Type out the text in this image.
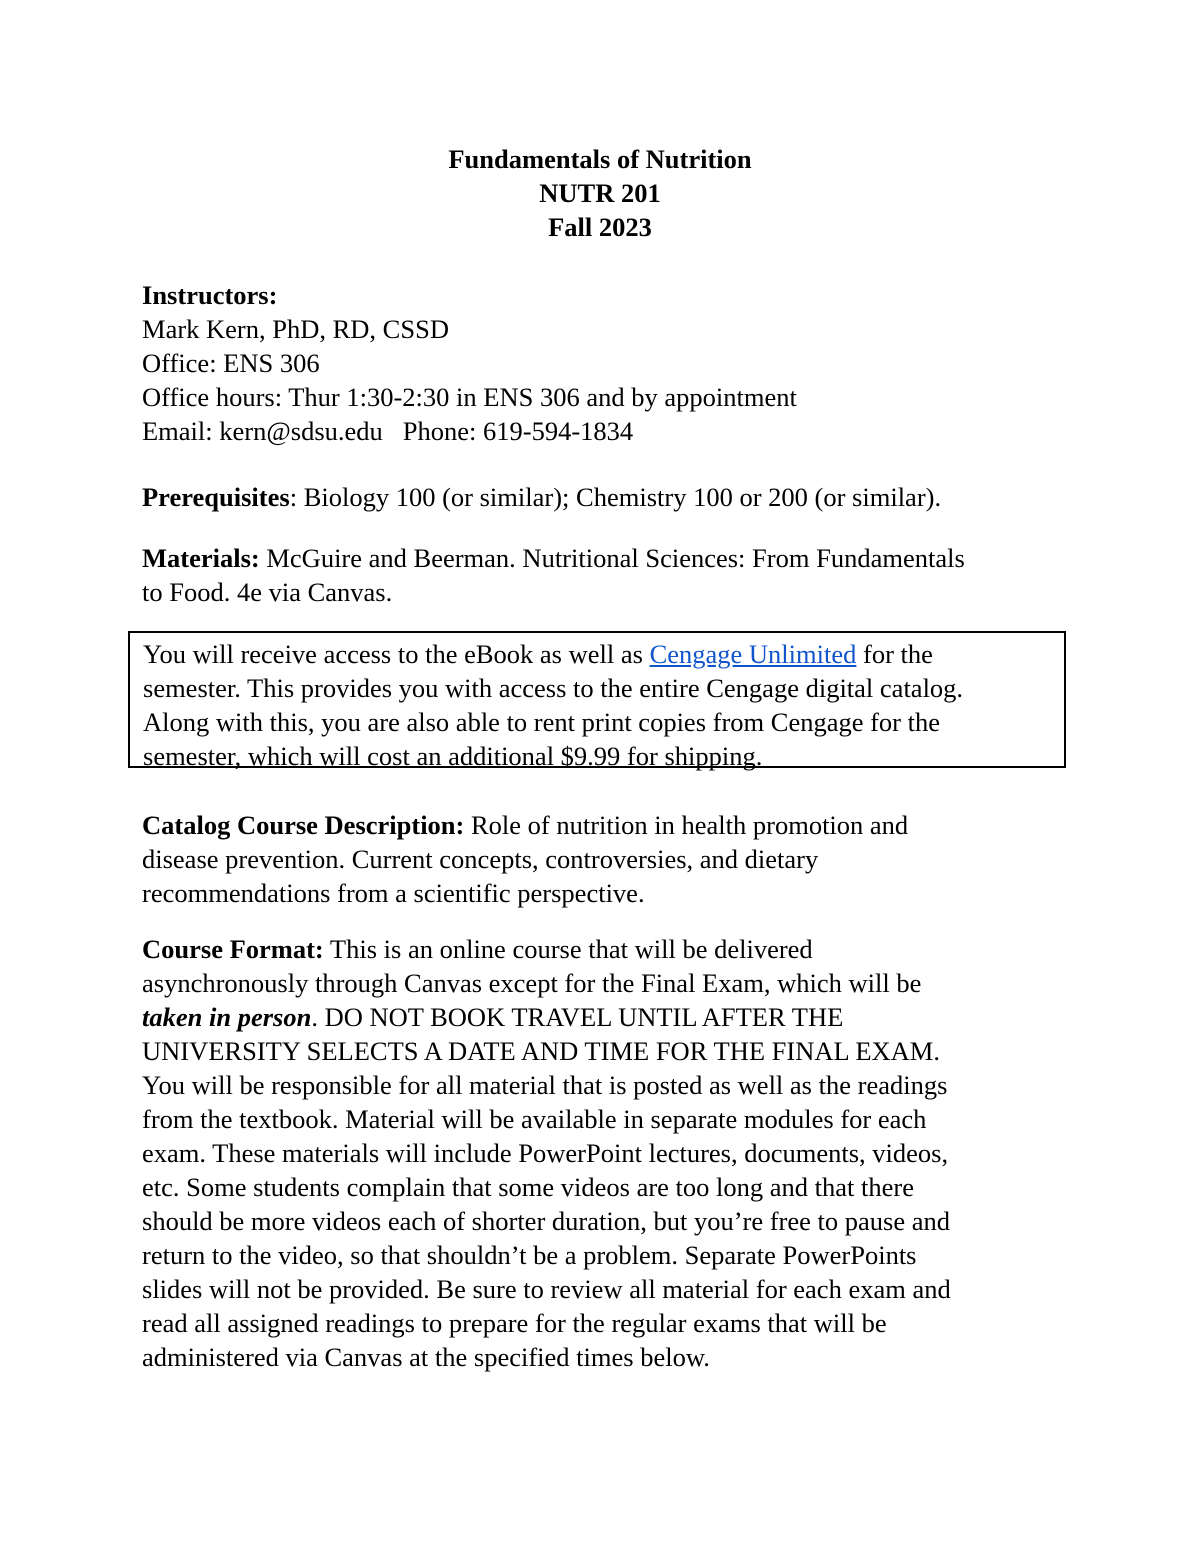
Fundamentals of Nutrition
NUTR 201
Fall 2023
Instructors:
Mark Kern, PhD, RD, CSSD
Office: ENS 306
Office hours: Thur 1:30-2:30 in ENS 306 and by appointment
Email: kern@sdsu.edu Phone: 619-594-1834
Prerequisites: Biology 100 (or similar); Chemistry 100 or 200 (or similar).
Materials: McGuire and Beerman. Nutritional Sciences: From Fundamentals
to Food. 4e via Canvas.
You will receive access to the eBook as well as Cengage Unlimited for the
semester. This provides you with access to the entire Cengage digital catalog.
Along with this, you are also able to rent print copies from Cengage for the
semester, which will cost an additional $9.99 for shipping.
Catalog Course Description: Role of nutrition in health promotion and
disease prevention. Current concepts, controversies, and dietary
recommendations from a scientific perspective.
Course Format: This is an online course that will be delivered
asynchronously through Canvas except for the Final Exam, which will be
taken in person. DO NOT BOOK TRAVEL UNTIL AFTER THE
UNIVERSITY SELECTS A DATE AND TIME FOR THE FINAL EXAM.
You will be responsible for all material that is posted as well as the readings
from the textbook. Material will be available in separate modules for each
exam. These materials will include PowerPoint lectures, documents, videos,
etc. Some students complain that some videos are too long and that there
should be more videos each of shorter duration, but you’re free to pause and
return to the video, so that shouldn’t be a problem. Separate PowerPoints
slides will not be provided. Be sure to review all material for each exam and
read all assigned readings to prepare for the regular exams that will be
administered via Canvas at the specified times below.
